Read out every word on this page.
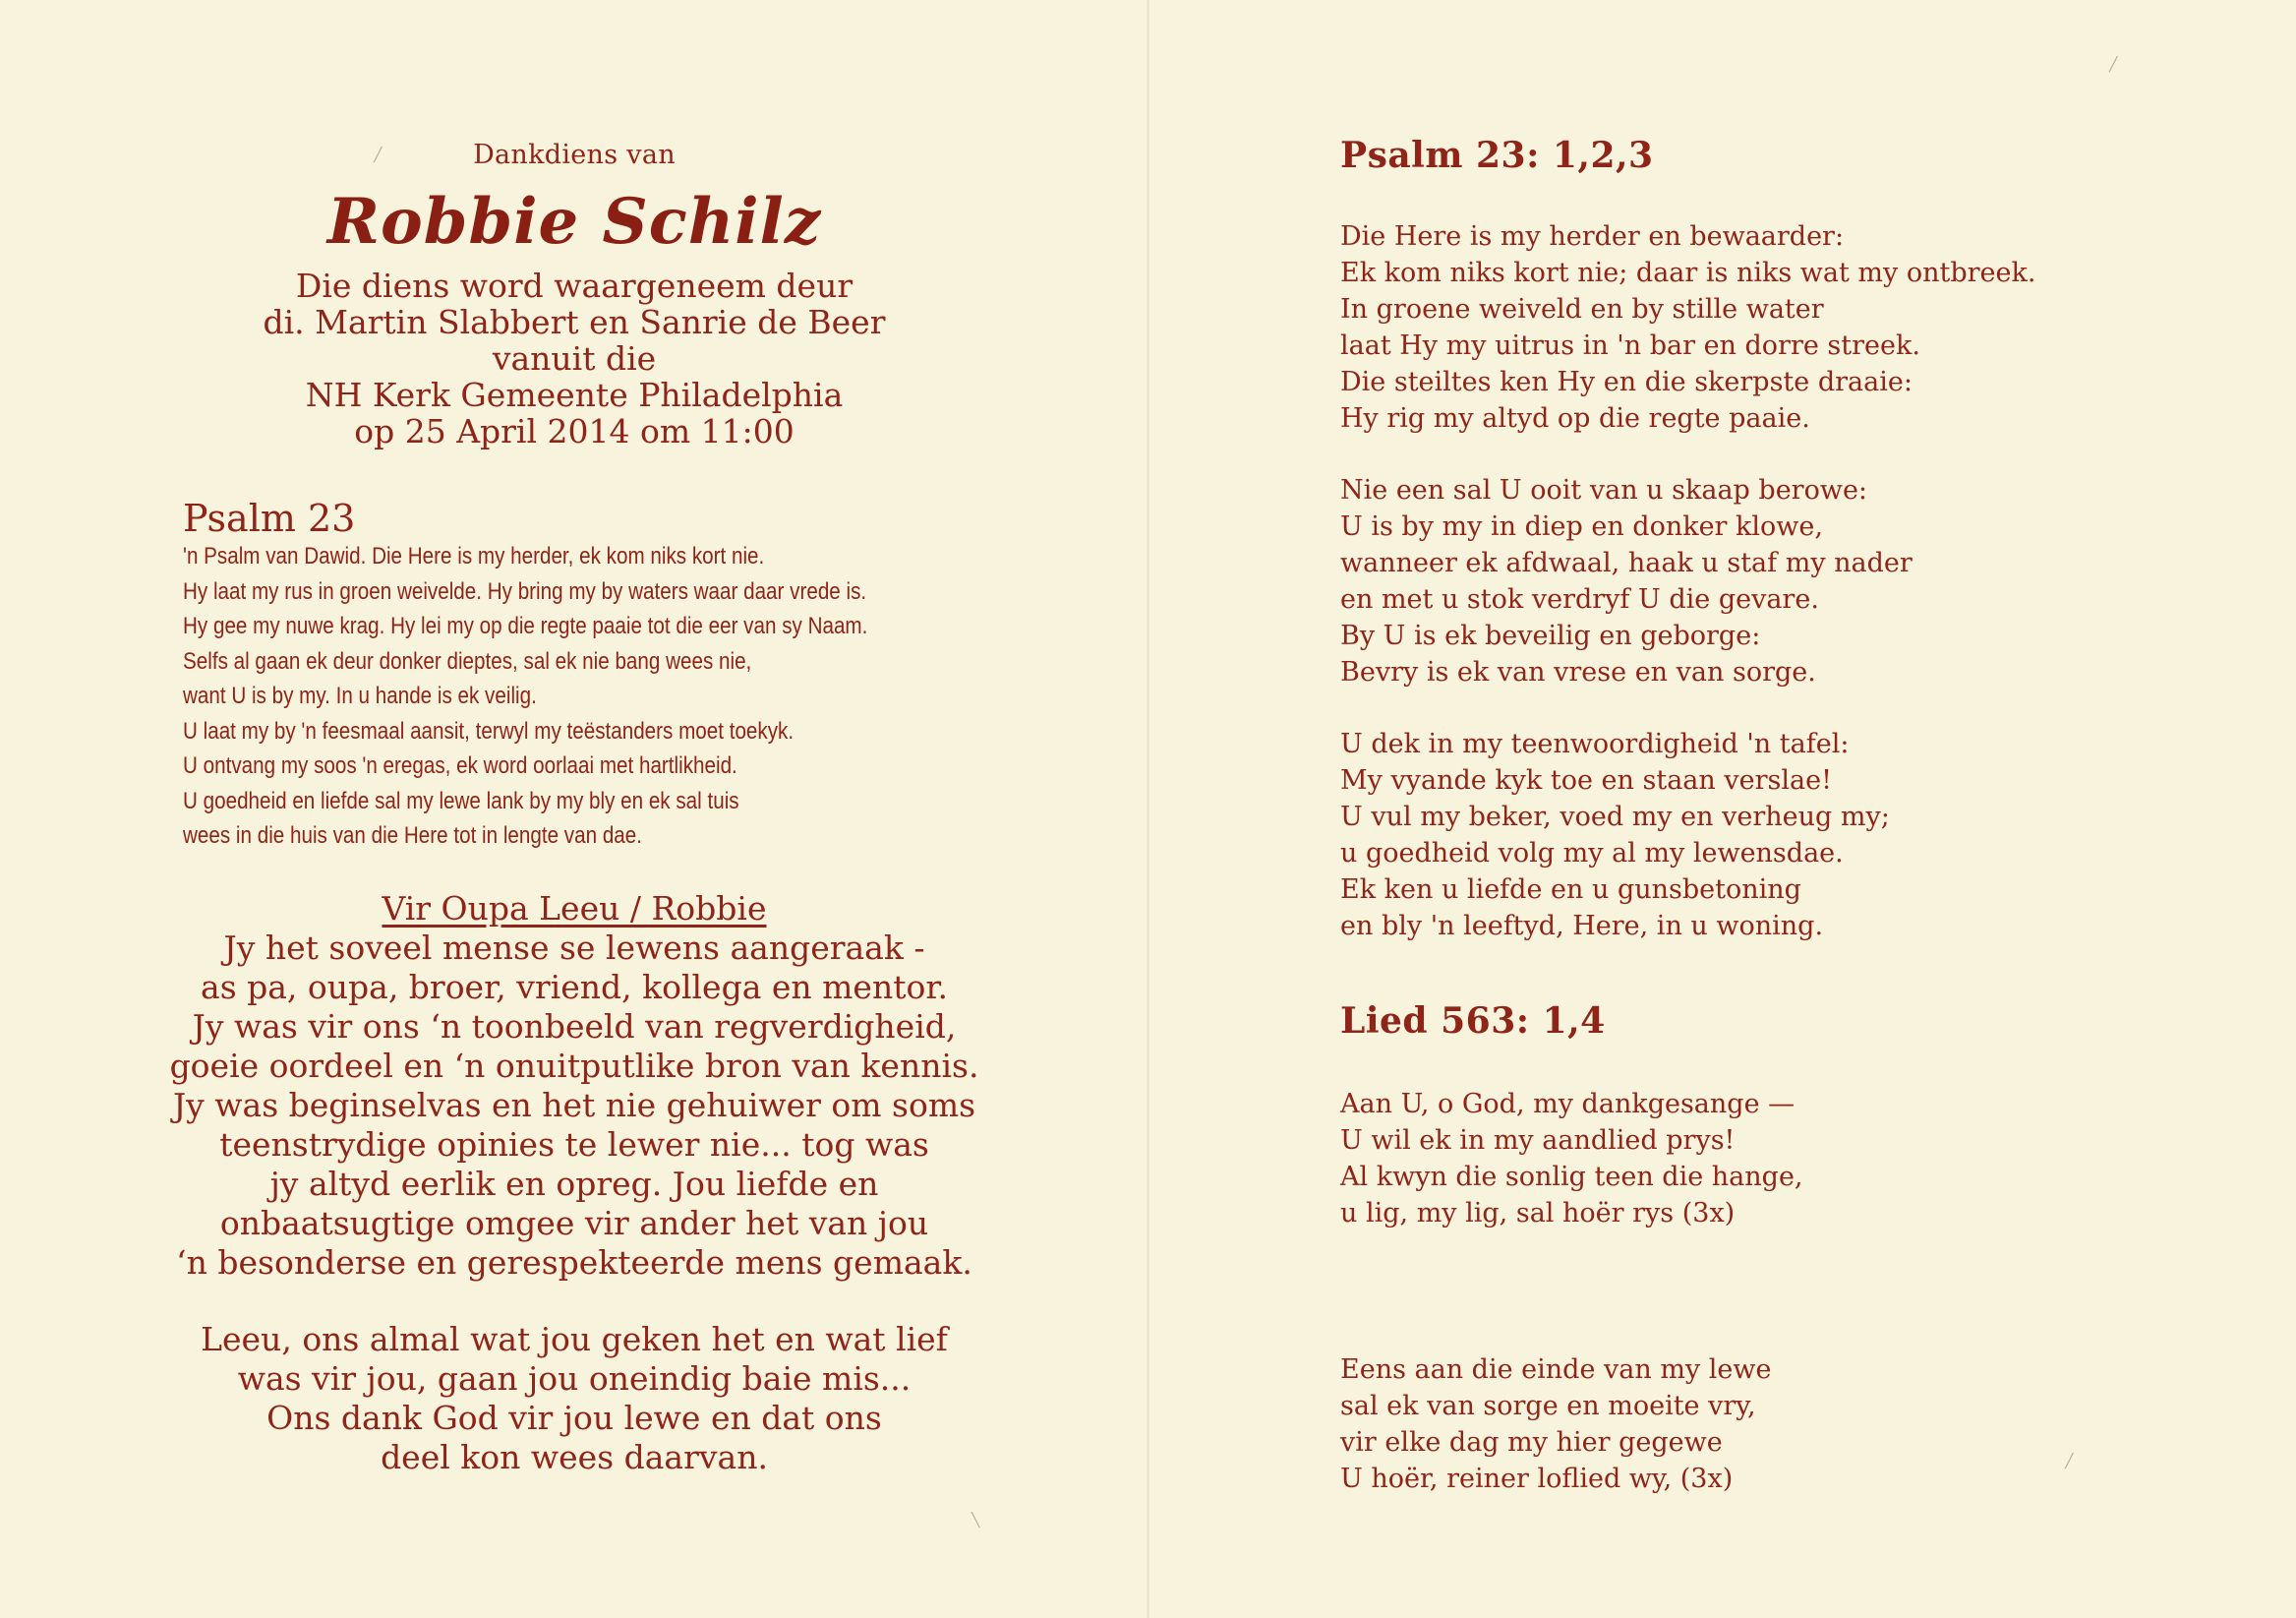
Dankdiens van
Robbie Schilz
Die diens word waargeneem deur
di. Martin Slabbert en Sanrie de Beer
vanuit die
NH Kerk Gemeente Philadelphia
op 25 April 2014 om 11:00
Psalm 23
'n Psalm van Dawid. Die Here is my herder, ek kom niks kort nie.
Hy laat my rus in groen weivelde. Hy bring my by waters waar daar vrede is.
Hy gee my nuwe krag. Hy lei my op die regte paaie tot die eer van sy Naam.
Selfs al gaan ek deur donker dieptes, sal ek nie bang wees nie,
want U is by my. In u hande is ek veilig.
U laat my by 'n feesmaal aansit, terwyl my teëstanders moet toekyk.
U ontvang my soos 'n eregas, ek word oorlaai met hartlikheid.
U goedheid en liefde sal my lewe lank by my bly en ek sal tuis
wees in die huis van die Here tot in lengte van dae.
Vir Oupa Leeu / Robbie
Jy het soveel mense se lewens aangeraak -
as pa, oupa, broer, vriend, kollega en mentor.
Jy was vir ons ‘n toonbeeld van regverdigheid,
goeie oordeel en ‘n onuitputlike bron van kennis.
Jy was beginselvas en het nie gehuiwer om soms
teenstrydige opinies te lewer nie... tog was
jy altyd eerlik en opreg. Jou liefde en
onbaatsugtige omgee vir ander het van jou
‘n besonderse en gerespekteerde mens gemaak.
Leeu, ons almal wat jou geken het en wat lief
was vir jou, gaan jou oneindig baie mis...
Ons dank God vir jou lewe en dat ons
deel kon wees daarvan.
Psalm 23: 1,2,3
Die Here is my herder en bewaarder:
Ek kom niks kort nie; daar is niks wat my ontbreek.
In groene weiveld en by stille water
laat Hy my uitrus in 'n bar en dorre streek.
Die steiltes ken Hy en die skerpste draaie:
Hy rig my altyd op die regte paaie.
Nie een sal U ooit van u skaap berowe:
U is by my in diep en donker klowe,
wanneer ek afdwaal, haak u staf my nader
en met u stok verdryf U die gevare.
By U is ek beveilig en geborge:
Bevry is ek van vrese en van sorge.
U dek in my teenwoordigheid 'n tafel:
My vyande kyk toe en staan verslae!
U vul my beker, voed my en verheug my;
u goedheid volg my al my lewensdae.
Ek ken u liefde en u gunsbetoning
en bly 'n leeftyd, Here, in u woning.
Lied 563: 1,4
Aan U, o God, my dankgesange —
U wil ek in my aandlied prys!
Al kwyn die sonlig teen die hange,
u lig, my lig, sal hoër rys (3x)
Eens aan die einde van my lewe
sal ek van sorge en moeite vry,
vir elke dag my hier gegewe
U hoër, reiner loflied wy, (3x)
╱
╱
╲
╱
